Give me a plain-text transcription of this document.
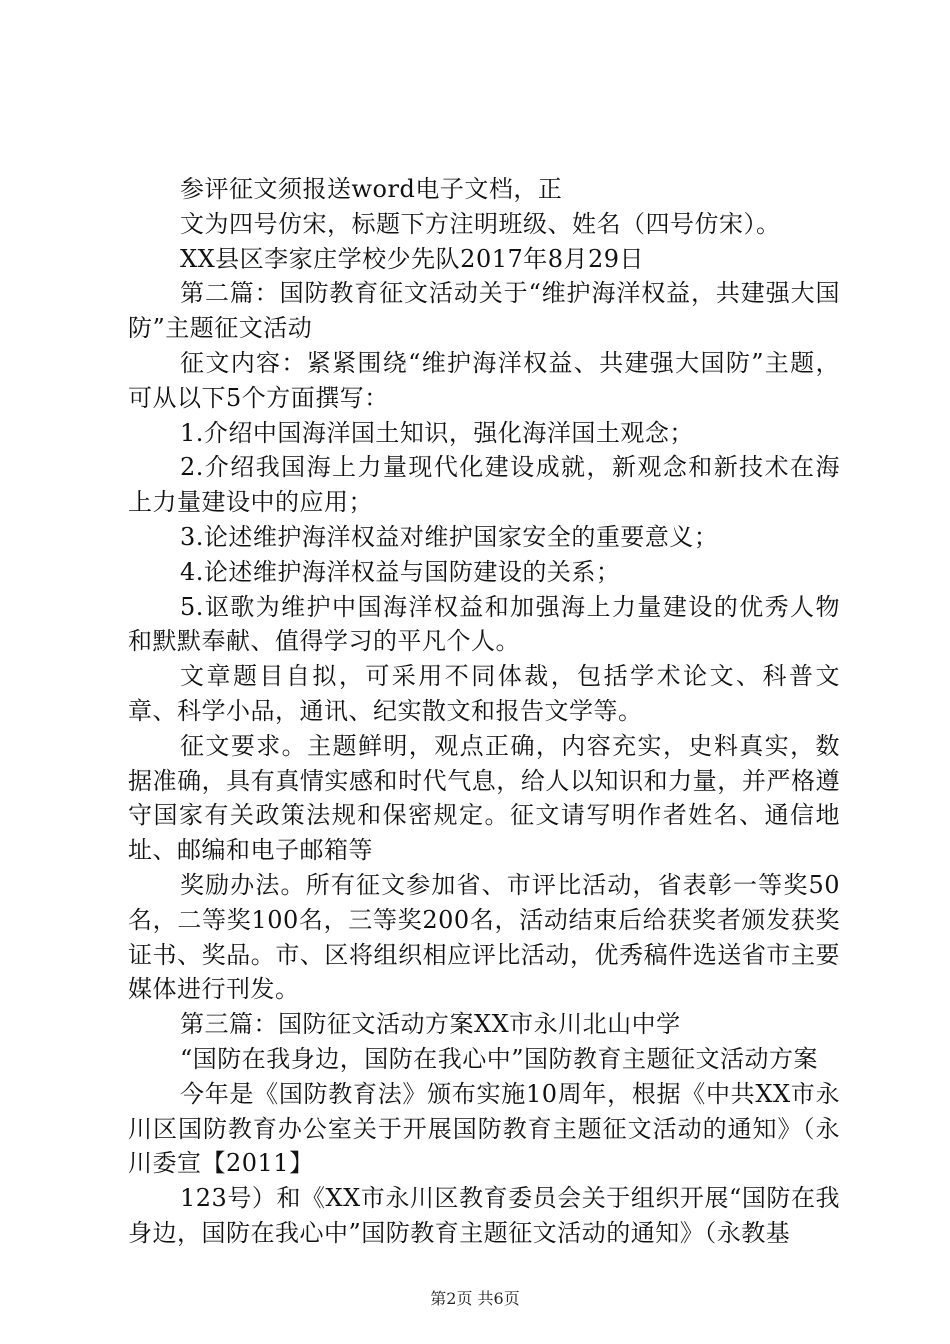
参评征文须报送word电子文档，正

文为四号仿宋，标题下方注明班级、姓名（四号仿宋）。

XX县区李家庄学校少先队2017年8月29日

第二篇：国防教育征文活动关于“维护海洋权益，共建强大国防”主题征文活动

征文内容：紧紧围绕“维护海洋权益、共建强大国防”主题，可从以下5个方面撰写：

1.介绍中国海洋国土知识，强化海洋国土观念；

2.介绍我国海上力量现代化建设成就，新观念和新技术在海上力量建设中的应用；

3.论述维护海洋权益对维护国家安全的重要意义；

4.论述维护海洋权益与国防建设的关系；

5.讴歌为维护中国海洋权益和加强海上力量建设的优秀人物和默默奉献、值得学习的平凡个人。

文章题目自拟，可采用不同体裁，包括学术论文、科普文章、科学小品，通讯、纪实散文和报告文学等。

征文要求。主题鲜明，观点正确，内容充实，史料真实，数据准确，具有真情实感和时代气息，给人以知识和力量，并严格遵守国家有关政策法规和保密规定。征文请写明作者姓名、通信地址、邮编和电子邮箱等

奖励办法。所有征文参加省、市评比活动，省表彰一等奖50名，二等奖100名，三等奖200名，活动结束后给获奖者颁发获奖证书、奖品。市、区将组织相应评比活动，优秀稿件选送省市主要媒体进行刊发。

第三篇：国防征文活动方案XX市永川北山中学

“国防在我身边，国防在我心中”国防教育主题征文活动方案

今年是《国防教育法》颁布实施10周年，根据《中共XX市永川区国防教育办公室关于开展国防教育主题征文活动的通知》（永川委宣【2011】

123号）和《XX市永川区教育委员会关于组织开展“国防在我身边，国防在我心中”国防教育主题征文活动的通知》（永教基

第2页 共6页
